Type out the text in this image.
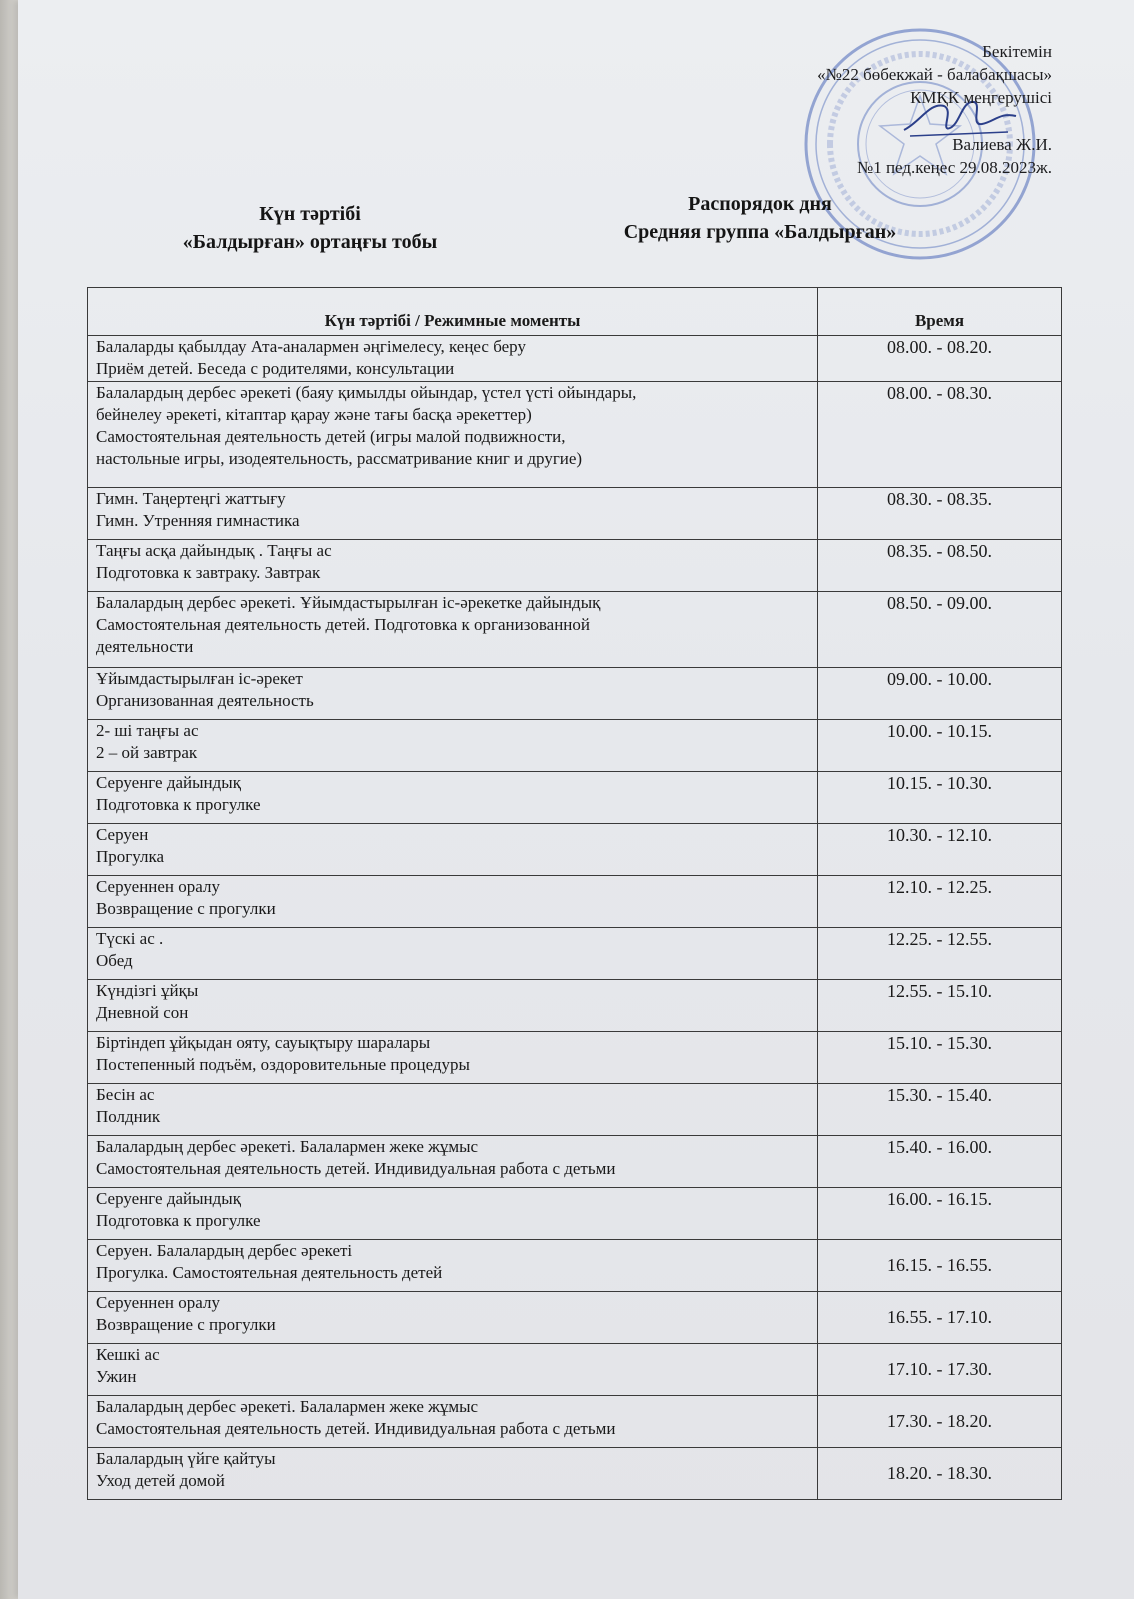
Бекітемін
«№22 бөбекжай - балабақшасы»
КМҚК меңгерушісі
Валиева Ж.И.
№1 пед.кеңес 29.08.2023ж.
Күн тәртібі
«Балдырған» ортаңғы тобы
Распорядок дня
Средняя группа «Балдырған»
Күн тәртібі / Режимные моменты	Время

Балаларды қабылдау Ата-аналармен әңгімелесу, кеңес беру
Приём детей. Беседа с родителями, консультации	08.00. - 08.20.

Балалардың дербес әрекеті (баяу қимылды ойындар, үстел үсті ойындары,
бейнелеу әрекеті, кітаптар қарау және тағы басқа әрекеттер)
Самостоятельная деятельность детей (игры малой подвижности,
настольные игры, изодеятельность, рассматривание книг и другие)	08.00. - 08.30.

Гимн. Таңертеңгі жаттығу
Гимн. Утренняя гимнастика	08.30. - 08.35.

Таңғы асқа дайындық . Таңғы ас
Подготовка к завтраку. Завтрак	08.35. - 08.50.

Балалардың дербес әрекеті. Ұйымдастырылған іс-әрекетке дайындық
Самостоятельная деятельность детей. Подготовка к организованной
деятельности	08.50. - 09.00.

Ұйымдастырылған іс-әрекет
Организованная деятельность	09.00. - 10.00.

2- ші таңғы ас
2 – ой завтрак	10.00. - 10.15.

Серуенге дайындық
Подготовка к прогулке	10.15. - 10.30.

Серуен
Прогулка	10.30. - 12.10.

Серуеннен оралу
Возвращение с прогулки	12.10. - 12.25.

Түскі ас .
Обед	12.25. - 12.55.

Күндізгі ұйқы
Дневной сон	12.55. - 15.10.

Біртіндеп ұйқыдан ояту, сауықтыру шаралары
Постепенный подъём, оздоровительные процедуры	15.10. - 15.30.

Бесін ас
Полдник	15.30. - 15.40.

Балалардың дербес әрекеті. Балалармен жеке жұмыс
Самостоятельная деятельность детей. Индивидуальная работа с детьми	15.40. - 16.00.

Серуенге дайындық
Подготовка к прогулке	16.00. - 16.15.

Серуен. Балалардың дербес әрекеті
Прогулка. Самостоятельная деятельность детей	16.15. - 16.55.

Серуеннен оралу
Возвращение с прогулки	16.55. - 17.10.

Кешкі ас
Ужин	17.10. - 17.30.

Балалардың дербес әрекеті. Балалармен жеке жұмыс
Самостоятельная деятельность детей. Индивидуальная работа с детьми	17.30. - 18.20.

Балалардың үйге қайтуы
Уход детей домой	18.20. - 18.30.
